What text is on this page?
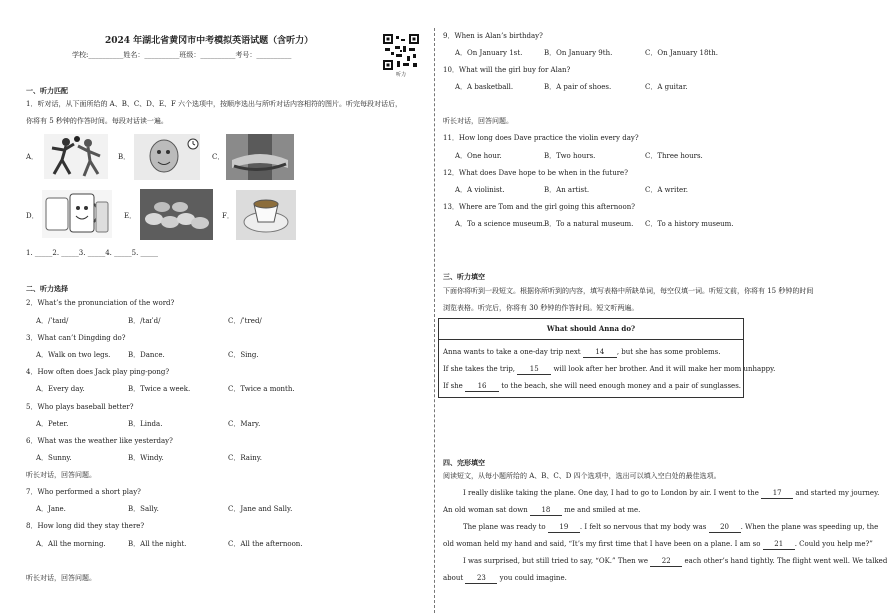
2024 年湖北省黄冈市中考模拟英语试题（含听力）
学校:__________姓名：__________班级：__________考号：__________
听力
一、听力匹配
1．听对话，从下面所给的 A、B、C、D、E、F 六个选项中，按顺序选出与所听对话内容相符的图片。听完每段对话后，
你将有 5 秒钟的作答时间。每段对话读一遍。
A．	B．	C．
D．	E．	F．
1. _____2. _____3. _____4. _____5. _____
二、听力选择
2．What’s the pronunciation of the word?
A．/ˈtaɪd/	B．/taɪˈd/	C．/ˈtred/
3．What can’t Dingding do?
A．Walk on two legs.	B．Dance.	C．Sing.
4．How often does Jack play ping-pong?
A．Every day.	B．Twice a week.	C．Twice a month.
5．Who plays baseball better?
A．Peter.	B．Linda.	C．Mary.
6．What was the weather like yesterday?
A．Sunny.	B．Windy.	C．Rainy.
听长对话，回答问题。
7．Who performed a short play?
A．Jane.	B．Sally.	C．Jane and Sally.
8．How long did they stay there?
A．All the morning.	B．All the night.	C．All the afternoon.
听长对话，回答问题。
9．When is Alan’s birthday?
A．On January 1st.	B．On January 9th.	C．On January 18th.
10．What will the girl buy for Alan?
A．A basketball.	B．A pair of shoes.	C．A guitar.
听长对话，回答问题。
11．How long does Dave practice the violin every day?
A．One hour.	B．Two hours.	C．Three hours.
12．What does Dave hope to be when in the future?
A．A violinist.	B．An artist.	C．A writer.
13．Where are Tom and the girl going this afternoon?
A．To a science museum. B．To a natural museum. C．To a history museum.
三、听力填空
下面你将听到一段短文。根据你所听到的内容，填写表格中所缺单词，每空仅填一词。听短文前，你将有 15 秒钟的时间
浏览表格。听完后，你将有 30 秒钟的作答时间。短文听两遍。
What should Anna do?
Anna wants to take a one-day trip next 14 , but she has some problems.
If she takes the trip, 15 will look after her brother. And it will make her mom unhappy.
If she 16 to the beach, she will need enough money and a pair of sunglasses.
四、完形填空
阅读短文，从每小题所给的 A、B、C、D 四个选项中，选出可以填入空白处的最佳选项。
I really dislike taking the plane. One day, I had to go to London by air. I went to the 17 and started my journey.
An old woman sat down 18 me and smiled at me.
The plane was ready to 19 . I felt so nervous that my body was 20 . When the plane was speeding up, the
old woman held my hand and said, “It’s my first time that I have been on a plane. I am so 21 . Could you help me?”
I was surprised, but still tried to say, “OK.” Then we 22 each other’s hand tightly. The flight went well. We talked
about 23 you could imagine.
